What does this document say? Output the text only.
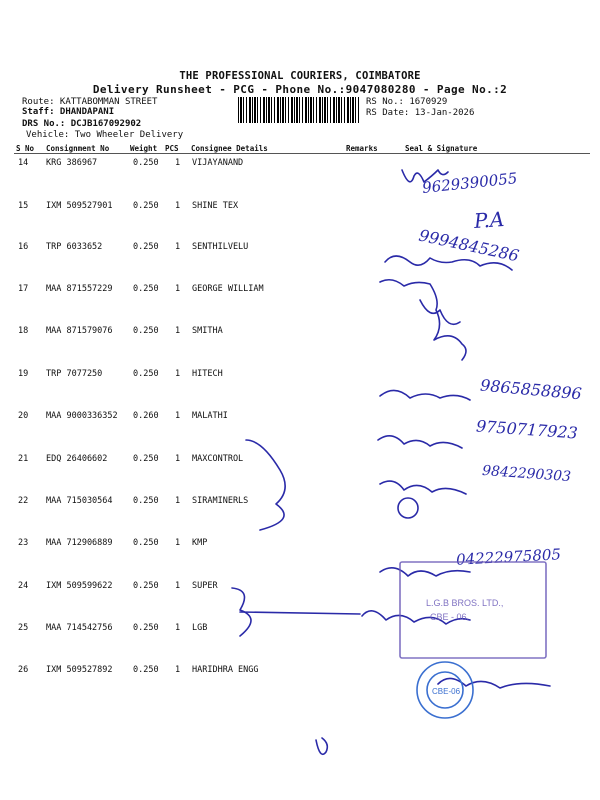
THE PROFESSIONAL COURIERS, COIMBATORE
Delivery Runsheet - PCG - Phone No.:9047080280 - Page No.:2
Route: KATTABOMMAN STREET
Staff: DHANDAPANI
DRS No.: DCJB167092902
Vehicle: Two Wheeler Delivery
RS No.: 1670929
RS Date: 13-Jan-2026
S No Consignment No	Weight PCS Consignee Details	Remarks	Seal & Signature
14 KRG 386967	0.250 1 VIJAYANAND
15 IXM 509527901 0.250 1 SHINE TEX
16 TRP 6033652	0.250 1 SENTHILVELU
17 MAA 871557229 0.250 1 GEORGE WILLIAM
18 MAA 871579076 0.250 1 SMITHA
19 TRP 7077250	0.250 1 HITECH
20 MAA 9000336352 0.260 1 MALATHI
21 EDQ 26406602	0.250 1 MAXCONTROL
22 MAA 715030564 0.250 1 SIRAMINERLS
23 MAA 712906889 0.250 1 KMP
24 IXM 509599622 0.250 1 SUPER
25 MAA 714542756 0.250 1 LGB
26 IXM 509527892 0.250 1 HARIDHRA ENGG
9629390055
P.A
9994845286
9865858896
9750717923
9842290303
04222975805
L.G.B BROS. LTD.,
CBE - 06.
CBE-06
